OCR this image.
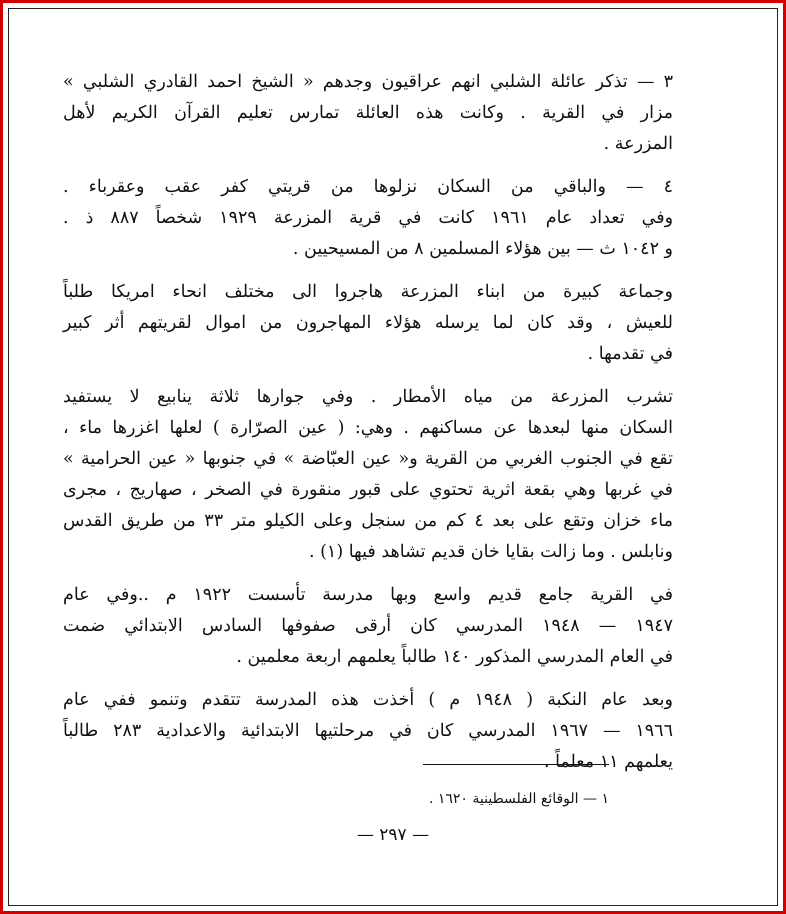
٣ — تذكر عائلة الشلبي انهم عراقيون وجدهم « الشيخ احمد القادري الشلبي »
مزار في القرية . وكانت هذه العائلة تمارس تعليم القرآن الكريم لأهل
المزرعة .
٤ — والباقي من السكان نزلوها من قريتي كفر عقب وعقرباء .
وفي تعداد عام ١٩٦١ كانت في قرية المزرعة ١٩٢٩ شخصاً ٨٨٧ ذ .
و ١٠٤٢ ث — بين هؤلاء المسلمين ٨ من المسيحيين .
وجماعة كبيرة من ابناء المزرعة هاجروا الى مختلف انحاء امريكا طلباً
للعيش ، وقد كان لما يرسله هؤلاء المهاجرون من اموال لقريتهم أثر كبير
في تقدمها .
تشرب المزرعة من مياه الأمطار . وفي جوارها ثلاثة ينابيع لا يستفيد
السكان منها لبعدها عن مساكنهم . وهي: ( عين الصرّارة ) لعلها اغزرها ماء ،
تقع في الجنوب الغربي من القرية و« عين العبّاضة » في جنوبها « عين الحرامية »
في غربها وهي بقعة اثرية تحتوي على قبور منقورة في الصخر ، صهاريج ، مجرى
ماء خزان وتقع على بعد ٤ كم من سنجل وعلى الكيلو متر ٣٣ من طريق القدس
ونابلس . وما زالت بقايا خان قديم تشاهد فيها (١) .
في القرية جامع قديم واسع وبها مدرسة تأسست ١٩٢٢ م ..وفي عام
١٩٤٧ — ١٩٤٨ المدرسي كان أرقى صفوفها السادس الابتدائي ضمت
في العام المدرسي المذكور ١٤٠ طالباً يعلمهم اربعة معلمين .
وبعد عام النكبة ( ١٩٤٨ م ) أخذت هذه المدرسة تتقدم وتنمو ففي عام
١٩٦٦ — ١٩٦٧ المدرسي كان في مرحلتيها الابتدائية والاعدادية ٢٨٣ طالباً
يعلمهم ١١ معلماً .
١ — الوقائع الفلسطينية ١٦٢٠ .
— ٢٩٧ —
